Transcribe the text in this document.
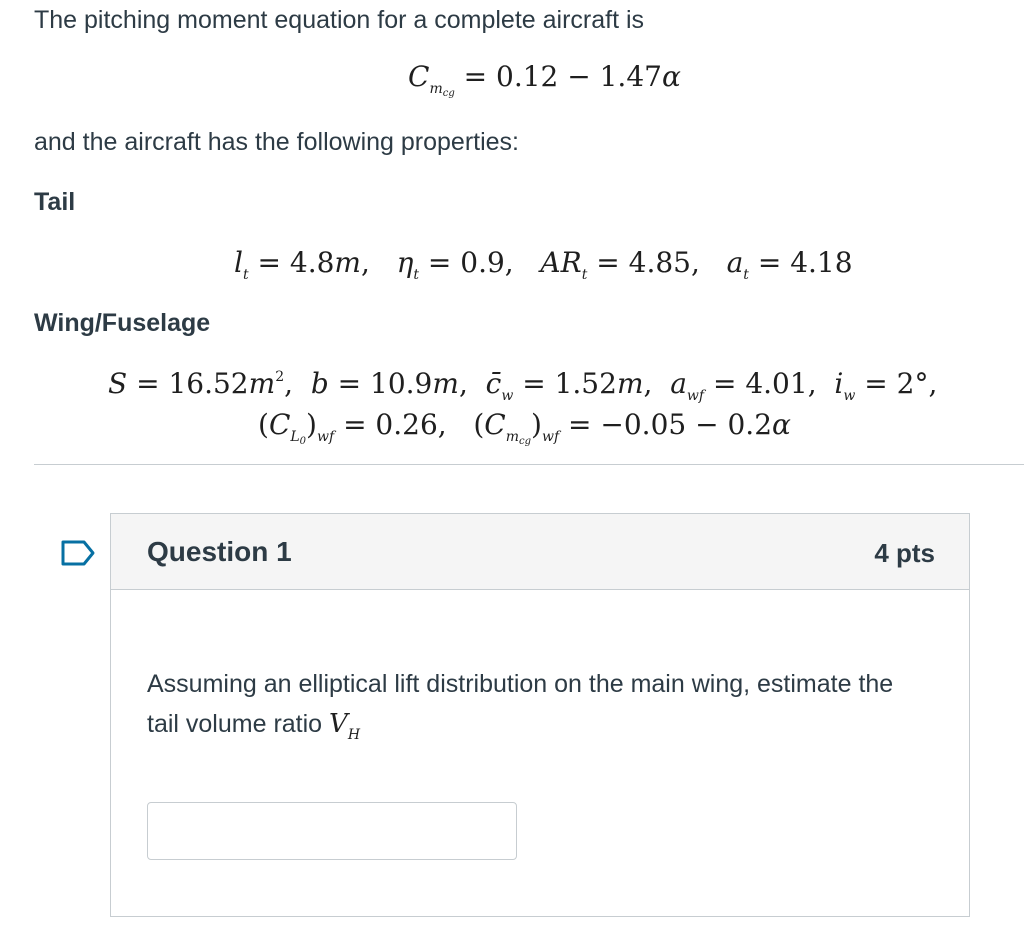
The pitching moment equation for a complete aircraft is
$C_{m_{cg}} = 0.12 - 1.47\alpha$
and the aircraft has the following properties:
Tail
$l_t = 4.8m$,   $\eta_t = 0.9$, $AR_t = 4.85$, $a_t = 4.18$
Wing/Fuselage
$S = 16.52m^2$,  b = 10.9m,  $c̄_w = 1.52m$,  $a_{wf} = 4.01$, $i_w = 2^\circ$,
$(C_{L_0})_{wf} = 0.26$,   $(C_{m_{cg}})_{wf} = -0.05 - 0.2\alpha$
Question 1	4 pts
Assuming an elliptical lift distribution on the main wing, estimate the tail volume ratio $V_H$
